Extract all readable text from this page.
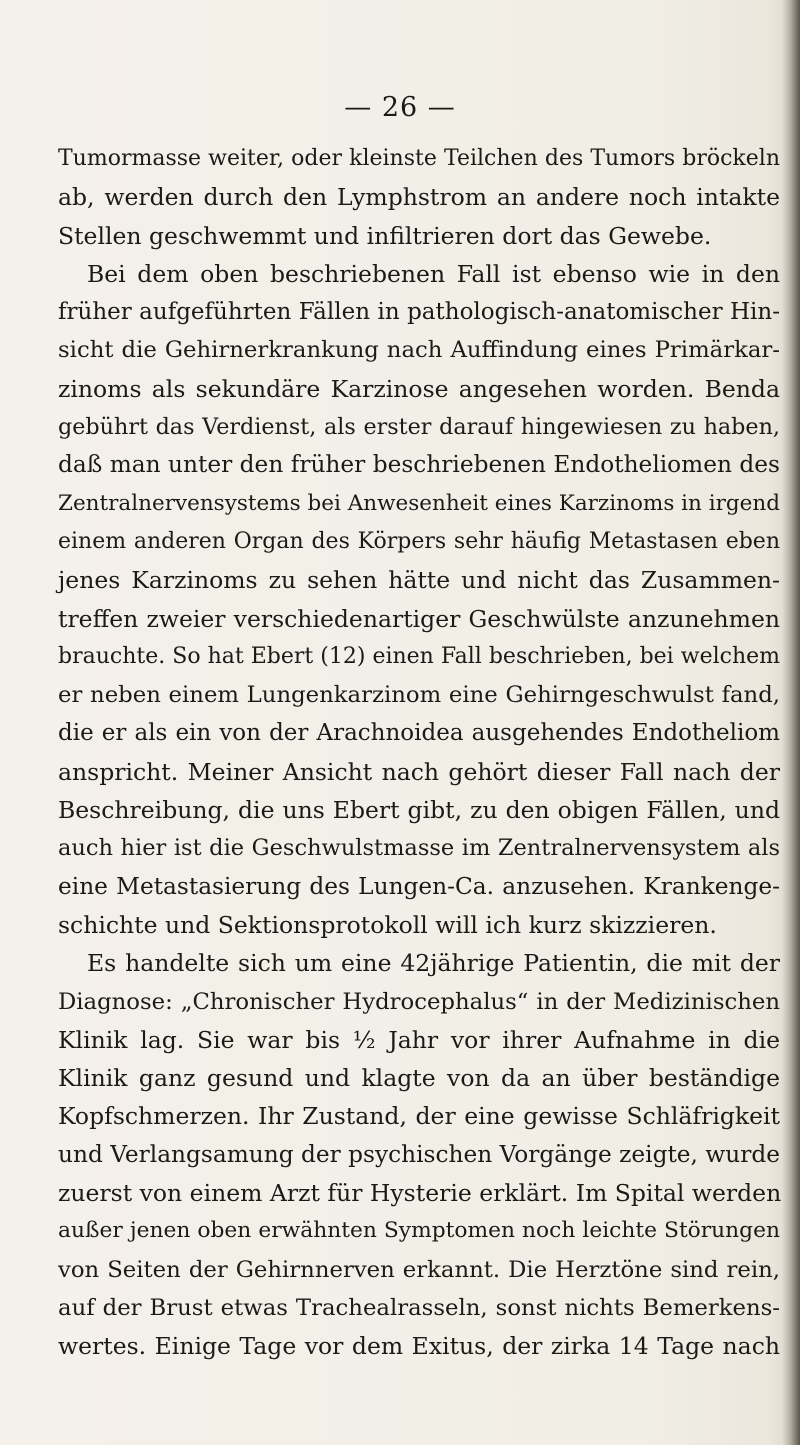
— 26 —
Tumormasse weiter, oder kleinste Teilchen des Tumors bröckeln
ab, werden durch den Lymphstrom an andere noch intakte
Stellen geschwemmt und infiltrieren dort das Gewebe.
Bei dem oben beschriebenen Fall ist ebenso wie in den
früher aufgeführten Fällen in pathologisch-anatomischer Hin-
sicht die Gehirnerkrankung nach Auffindung eines Primärkar-
zinoms als sekundäre Karzinose angesehen worden. Benda
gebührt das Verdienst, als erster darauf hingewiesen zu haben,
daß man unter den früher beschriebenen Endotheliomen des
Zentralnervensystems bei Anwesenheit eines Karzinoms in irgend
einem anderen Organ des Körpers sehr häufig Metastasen eben
jenes Karzinoms zu sehen hätte und nicht das Zusammen-
treffen zweier verschiedenartiger Geschwülste anzunehmen
brauchte. So hat Ebert (12) einen Fall beschrieben, bei welchem
er neben einem Lungenkarzinom eine Gehirngeschwulst fand,
die er als ein von der Arachnoidea ausgehendes Endotheliom
anspricht. Meiner Ansicht nach gehört dieser Fall nach der
Beschreibung, die uns Ebert gibt, zu den obigen Fällen, und
auch hier ist die Geschwulstmasse im Zentralnervensystem als
eine Metastasierung des Lungen-Ca. anzusehen. Krankenge-
schichte und Sektionsprotokoll will ich kurz skizzieren.
Es handelte sich um eine 42jährige Patientin, die mit der
Diagnose: „Chronischer Hydrocephalus“ in der Medizinischen
Klinik lag. Sie war bis ½ Jahr vor ihrer Aufnahme in die
Klinik ganz gesund und klagte von da an über beständige
Kopfschmerzen. Ihr Zustand, der eine gewisse Schläfrigkeit
und Verlangsamung der psychischen Vorgänge zeigte, wurde
zuerst von einem Arzt für Hysterie erklärt. Im Spital werden
außer jenen oben erwähnten Symptomen noch leichte Störungen
von Seiten der Gehirnnerven erkannt. Die Herztöne sind rein,
auf der Brust etwas Trachealrasseln, sonst nichts Bemerkens-
wertes. Einige Tage vor dem Exitus, der zirka 14 Tage nach
